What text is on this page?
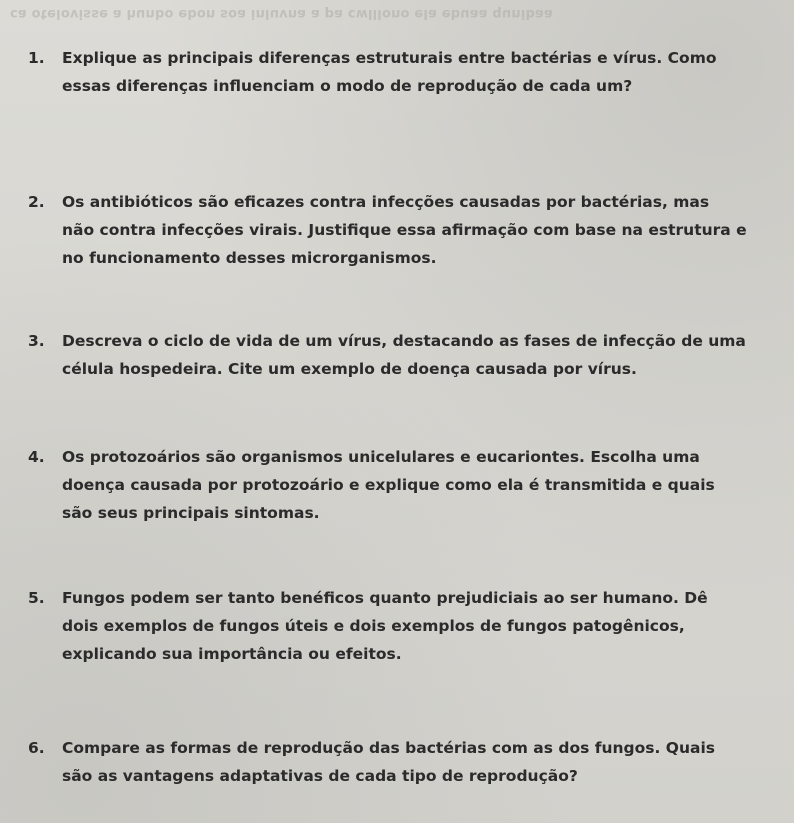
ca otelovisse a hunbo ebon soa inluvna a pa cwlllono ela ebuaa qunibaa
1. Explique as principais diferenças estruturais entre bactérias e vírus. Como
essas diferenças influenciam o modo de reprodução de cada um?

2. Os antibióticos são eficazes contra infecções causadas por bactérias, mas
não contra infecções virais. Justifique essa afirmação com base na estrutura e
no funcionamento desses microrganismos.

3. Descreva o ciclo de vida de um vírus, destacando as fases de infecção de uma
célula hospedeira. Cite um exemplo de doença causada por vírus.

4. Os protozoários são organismos unicelulares e eucariontes. Escolha uma
doença causada por protozoário e explique como ela é transmitida e quais
são seus principais sintomas.

5. Fungos podem ser tanto benéficos quanto prejudiciais ao ser humano. Dê
dois exemplos de fungos úteis e dois exemplos de fungos patogênicos,
explicando sua importância ou efeitos.

6. Compare as formas de reprodução das bactérias com as dos fungos. Quais
são as vantagens adaptativas de cada tipo de reprodução?
